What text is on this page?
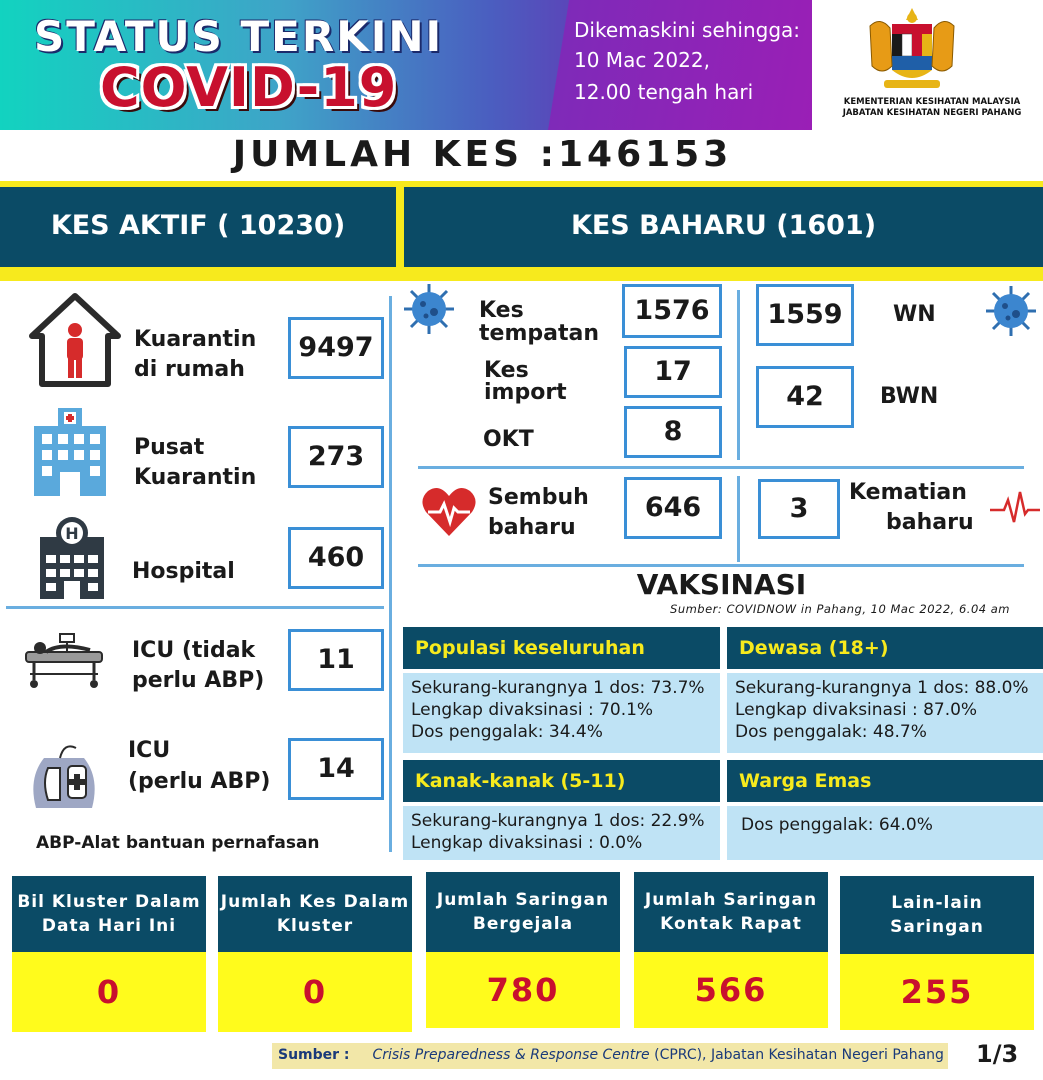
STATUS TERKINI
COVID-19
Dikemaskini sehingga:
10 Mac 2022,
12.00 tengah hari	KEMENTERIAN KESIHATAN MALAYSIA
JABATAN KESIHATAN NEGERI PAHANG
JUMLAH KES :146153
KES AKTIF ( 10230)	KES BAHARU (1601)
Kuarantin
di rumah
9497
Pusat
Kuarantin
273
H
Hospital	460
ICU (tidak
perlu ABP)
11
ICU
(perlu ABP)	14
ABP-Alat bantuan pernafasan
Kes
tempatan
1576
Kes
import
17
OKT	8
1559	WN
42	BWN
Sembuh
baharu
646	3
Kematian
baharu
VAKSINASI
Sumber: COVIDNOW in Pahang, 10 Mac 2022, 6.04 am
Populasi keseluruhan
Sekurang-kurangnya 1 dos: 73.7%
Lengkap divaksinasi : 70.1%
Dos penggalak: 34.4%
Dewasa (18+)
Sekurang-kurangnya 1 dos: 88.0%
Lengkap divaksinasi : 87.0%
Dos penggalak: 48.7%
Kanak-kanak (5-11)
Sekurang-kurangnya 1 dos: 22.9%
Lengkap divaksinasi : 0.0%
Warga Emas
Dos penggalak: 64.0%
Bil Kluster Dalam
Data Hari Ini
0
Jumlah Kes Dalam
Kluster
0
Jumlah Saringan
Bergejala
780
Jumlah Saringan
Kontak Rapat
566
Lain-lain
Saringan
255
Sumber : Crisis Preparedness & Response Centre (CPRC), Jabatan Kesihatan Negeri Pahang 1/3
